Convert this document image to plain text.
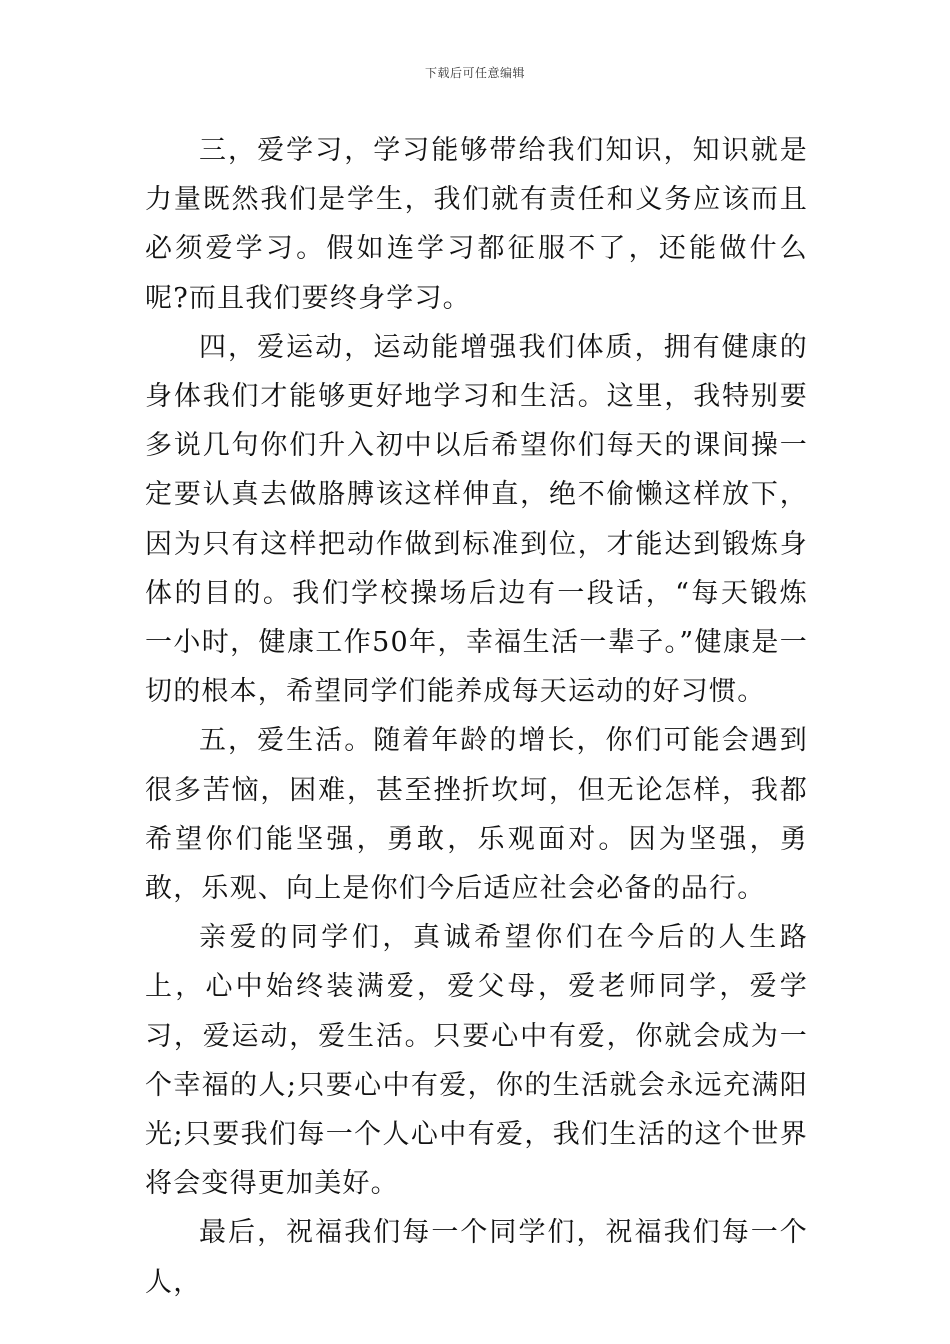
下载后可任意编辑

三，爱学习，学习能够带给我们知识，知识就是力量既然我们是学生，我们就有责任和义务应该而且必须爱学习。假如连学习都征服不了，还能做什么呢?而且我们要终身学习。

四，爱运动，运动能增强我们体质，拥有健康的身体我们才能够更好地学习和生活。这里，我特别要多说几句你们升入初中以后希望你们每天的课间操一定要认真去做胳膊该这样伸直，绝不偷懒这样放下，因为只有这样把动作做到标准到位，才能达到锻炼身体的目的。我们学校操场后边有一段话，“每天锻炼一小时，健康工作50年，幸福生活一辈子。”健康是一切的根本，希望同学们能养成每天运动的好习惯。

五，爱生活。随着年龄的增长，你们可能会遇到很多苦恼，困难，甚至挫折坎坷，但无论怎样，我都希望你们能坚强，勇敢，乐观面对。因为坚强，勇敢，乐观、向上是你们今后适应社会必备的品行。

亲爱的同学们，真诚希望你们在今后的人生路上，心中始终装满爱，爱父母，爱老师同学，爱学习，爱运动，爱生活。只要心中有爱，你就会成为一个幸福的人;只要心中有爱，你的生活就会永远充满阳光;只要我们每一个人心中有爱，我们生活的这个世界将会变得更加美好。

最后，祝福我们每一个同学们，祝福我们每一个人，
